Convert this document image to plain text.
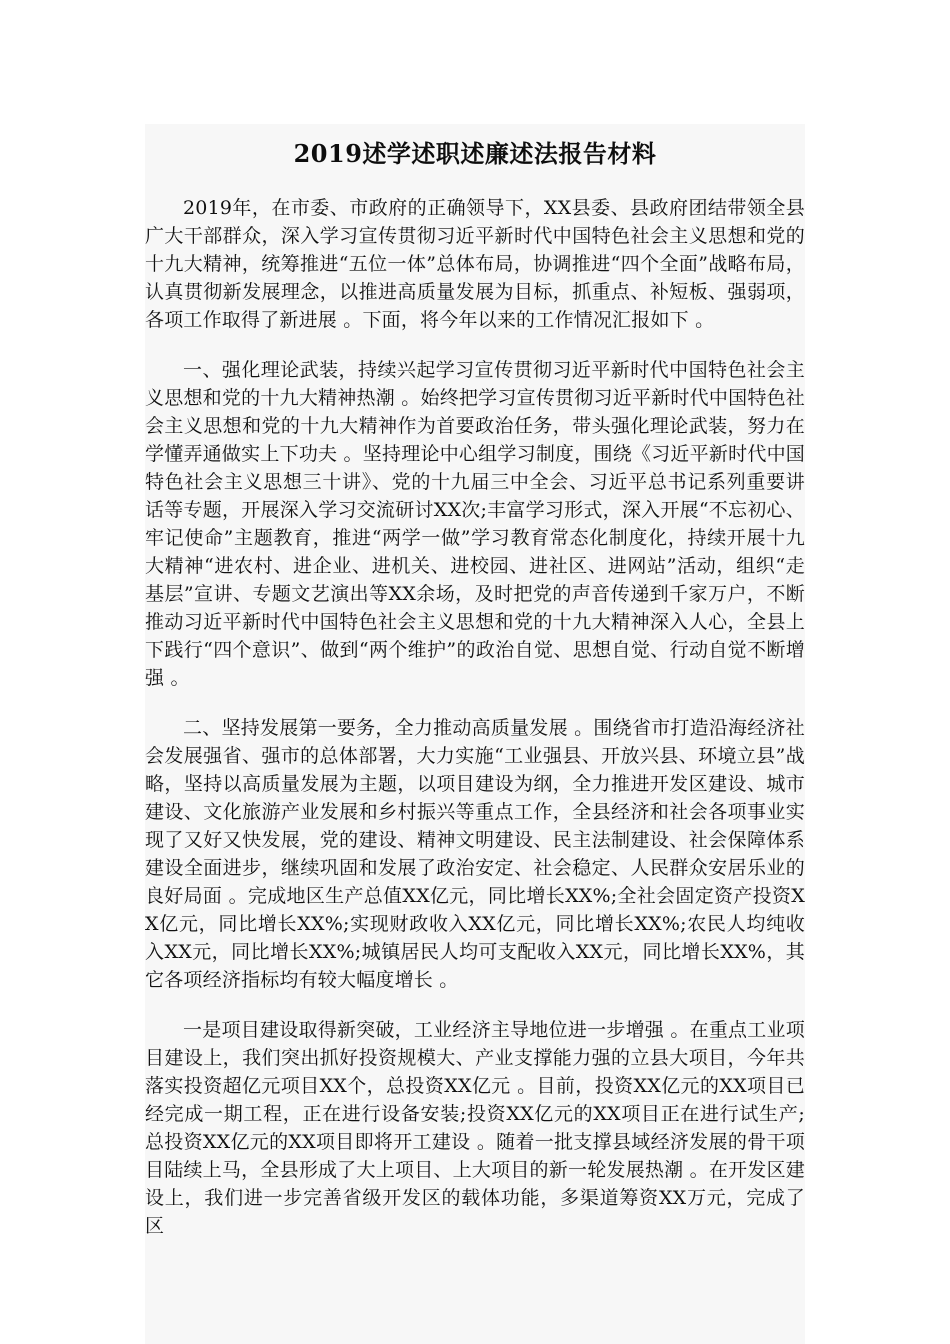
2019述学述职述廉述法报告材料

2019年，在市委、市政府的正确领导下，XX县委、县政府团结带领全县广大干部群众，深入学习宣传贯彻习近平新时代中国特色社会主义思想和党的十九大精神，统筹推进“五位一体”总体布局，协调推进“四个全面”战略布局，认真贯彻新发展理念，以推进高质量发展为目标，抓重点、补短板、强弱项，各项工作取得了新进展 。下面，将今年以来的工作情况汇报如下 。

一、强化理论武装，持续兴起学习宣传贯彻习近平新时代中国特色社会主义思想和党的十九大精神热潮 。始终把学习宣传贯彻习近平新时代中国特色社会主义思想和党的十九大精神作为首要政治任务，带头强化理论武装，努力在学懂弄通做实上下功夫 。坚持理论中心组学习制度，围绕《习近平新时代中国特色社会主义思想三十讲》、党的十九届三中全会、习近平总书记系列重要讲话等专题，开展深入学习交流研讨XX次;丰富学习形式，深入开展“不忘初心、牢记使命”主题教育，推进“两学一做”学习教育常态化制度化，持续开展十九大精神“进农村、进企业、进机关、进校园、进社区、进网站”活动，组织“走基层”宣讲、专题文艺演出等XX余场，及时把党的声音传递到千家万户，不断推动习近平新时代中国特色社会主义思想和党的十九大精神深入人心，全县上下践行“四个意识”、做到“两个维护”的政治自觉、思想自觉、行动自觉不断增强 。

二、坚持发展第一要务，全力推动高质量发展 。围绕省市打造沿海经济社会发展强省、强市的总体部署，大力实施“工业强县、开放兴县、环境立县”战略，坚持以高质量发展为主题，以项目建设为纲，全力推进开发区建设、城市建设、文化旅游产业发展和乡村振兴等重点工作，全县经济和社会各项事业实现了又好又快发展，党的建设、精神文明建设、民主法制建设、社会保障体系建设全面进步，继续巩固和发展了政治安定、社会稳定、人民群众安居乐业的良好局面 。完成地区生产总值XX亿元，同比增长XX%;全社会固定资产投资XX亿元，同比增长XX%;实现财政收入XX亿元，同比增长XX%;农民人均纯收入XX元，同比增长XX%;城镇居民人均可支配收入XX元，同比增长XX%，其它各项经济指标均有较大幅度增长 。

一是项目建设取得新突破，工业经济主导地位进一步增强 。在重点工业项目建设上，我们突出抓好投资规模大、产业支撑能力强的立县大项目，今年共落实投资超亿元项目XX个，总投资XX亿元 。目前，投资XX亿元的XX项目已经完成一期工程，正在进行设备安装;投资XX亿元的XX项目正在进行试生产;总投资XX亿元的XX项目即将开工建设 。随着一批支撑县域经济发展的骨干项目陆续上马，全县形成了大上项目、上大项目的新一轮发展热潮 。在开发区建设上，我们进一步完善省级开发区的载体功能，多渠道筹资XX万元，完成了区
